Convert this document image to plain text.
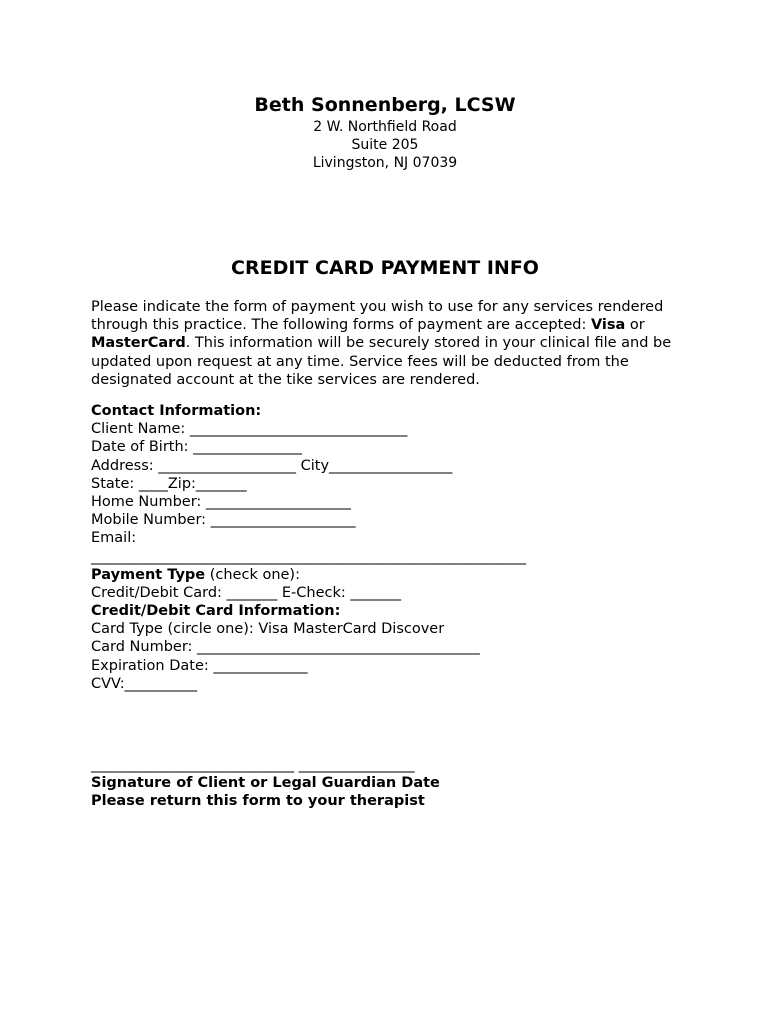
Beth Sonnenberg, LCSW
2 W. Northfield Road
Suite 205
Livingston, NJ 07039
CREDIT CARD PAYMENT INFO
Please indicate the form of payment you wish to use for any services rendered through this practice. The following forms of payment are accepted: Visa or MasterCard. This information will be securely stored in your clinical file and be updated upon request at any time. Service fees will be deducted from the designated account at the tike services are rendered.
Contact Information:
Client Name: ______________________________
Date of Birth: _______________
Address: ___________________ City_________________
State: ____Zip:_______
Home Number: ____________________
Mobile Number: ____________________
Email:
____________________________________________________________
Payment Type (check one):
Credit/Debit Card: _______ E-Check: _______
Credit/Debit Card Information:
Card Type (circle one): Visa MasterCard Discover
Card Number: _______________________________________
Expiration Date: _____________
CVV:__________
____________________________ ________________
Signature of Client or Legal Guardian Date
Please return this form to your therapist
